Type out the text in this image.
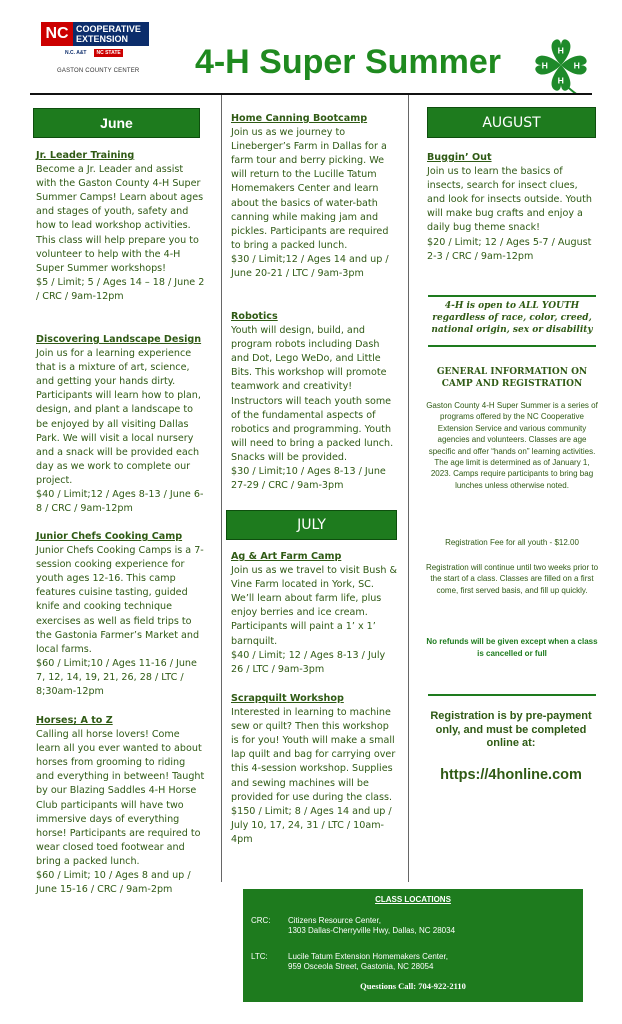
NC COOPERATIVE
EXTENSION
N.C. A&T	NC STATE
GASTON COUNTY CENTER	4-H Super Summer	H
H
H	H
June
Jr. Leader Training
Become a Jr. Leader and assist with the Gaston County 4-H Super Summer Camps! Learn about ages and stages of youth, safety and how to lead workshop activities. This class will help prepare you to volunteer to help with the 4-H Super Summer workshops!
$5 / Limit; 5 / Ages 14 – 18 / June 2 / CRC / 9am-12pm
Discovering Landscape Design
Join us for a learning experience that is a mixture of art, science, and getting your hands dirty. Participants will learn how to plan, design, and plant a landscape to be enjoyed by all visiting Dallas Park. We will visit a local nursery and a snack will be provided each day as we work to complete our project.
$40 / Limit;12 / Ages 8-13 / June 6-8 / CRC / 9am-12pm
Junior Chefs Cooking Camp
Junior Chefs Cooking Camps is a 7-session cooking experience for youth ages 12-16. This camp features cuisine tasting, guided knife and cooking technique exercises as well as field trips to the Gastonia Farmer’s Market and local farms.
$60 / Limit;10 / Ages 11-16 / June 7, 12, 14, 19, 21, 26, 28 / LTC / 8;30am-12pm
Horses; A to Z
Calling all horse lovers! Come learn all you ever wanted to about horses from grooming to riding and everything in between! Taught by our Blazing Saddles 4-H Horse Club participants will have two immersive days of everything horse! Participants are required to wear closed toed footwear and bring a packed lunch.
$60 / Limit; 10 / Ages 8 and up / June 15-16 / CRC / 9am-2pm
Home Canning Bootcamp
Join us as we journey to Lineberger’s Farm in Dallas for a farm tour and berry picking. We will return to the Lucille Tatum Homemakers Center and learn about the basics of water-bath canning while making jam and pickles. Participants are required to bring a packed lunch.
$30 / Limit;12 / Ages 14 and up / June 20-21 / LTC / 9am-3pm
Robotics
Youth will design, build, and program robots including Dash and Dot, Lego WeDo, and Little Bits. This workshop will promote teamwork and creativity! Instructors will teach youth some of the fundamental aspects of robotics and programming. Youth will need to bring a packed lunch. Snacks will be provided.
$30 / Limit;10 / Ages 8-13 / June 27-29 / CRC / 9am-3pm
JULY
Ag & Art Farm Camp
Join us as we travel to visit Bush & Vine Farm located in York, SC. We’ll learn about farm life, plus enjoy berries and ice cream. Participants will paint a 1’ x 1’ barnquilt.
$40 / Limit; 12 / Ages 8-13 / July 26 / LTC / 9am-3pm
Scrapquilt Workshop
Interested in learning to machine sew or quilt? Then this workshop is for you! Youth will make a small lap quilt and bag for carrying over this 4-session workshop. Supplies and sewing machines will be provided for use during the class.
$150 / Limit; 8 / Ages 14 and up / July 10, 17, 24, 31 / LTC / 10am-4pm
AUGUST
Buggin’ Out
Join us to learn the basics of insects, search for insect clues, and look for insects outside. Youth will make bug crafts and enjoy a daily bug theme snack!
$20 / Limit; 12 / Ages 5-7 / August 2-3 / CRC / 9am-12pm
4-H is open to ALL YOUTH regardless of race, color, creed, national origin, sex or disability
GENERAL INFORMATION ON CAMP AND REGISTRATION
Gaston County 4-H Super Summer is a series of programs offered by the NC Cooperative Extension Service and various community agencies and volunteers. Classes are age specific and offer “hands on” learning activities. The age limit is determined as of January 1, 2023. Camps require participants to bring bag lunches unless otherwise noted.
Registration Fee for all youth - $12.00
Registration will continue until two weeks prior to the start of a class. Classes are filled on a first come, first served basis, and fill up quickly.
No refunds will be given except when a class is cancelled or full
Registration is by pre-payment only, and must be completed online at:
https://4honline.com
CLASS LOCATIONS
CRC: Citizens Resource Center,
1303 Dallas-Cherryville Hwy, Dallas, NC 28034
LTC:	Lucile Tatum Extension Homemakers Center,
959 Osceola Street, Gastonia, NC 28054
Questions Call: 704-922-2110
